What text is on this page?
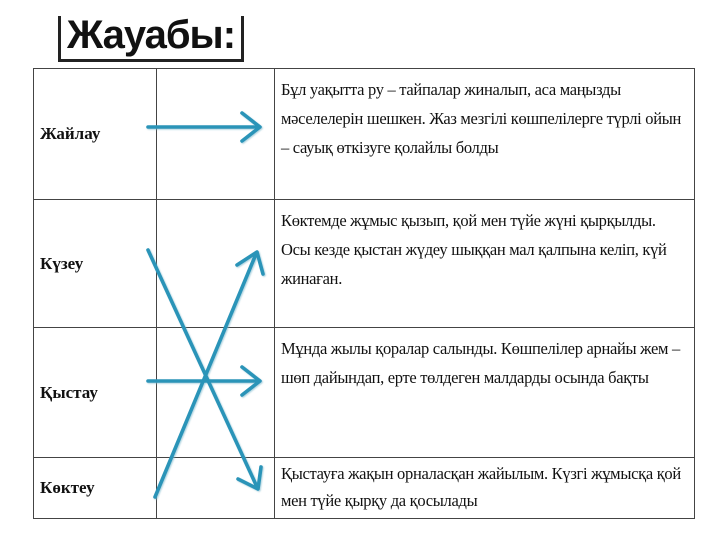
Жауабы:
Жайлау		Бұл уақытта ру – тайпалар жиналып, аса маңызды мәселелерін шешкен. Жаз мезгілі көшпелілерге түрлі ойын – сауық өткізуге қолайлы болды
Күзеу		Көктемде жұмыс қызып, қой мен түйе жүні қырқылды. Осы кезде қыстан жүдеу шыққан мал қалпына келіп, күй жинаған.
Қыстау		Мұнда жылы қоралар салынды. Көшпелілер арнайы жем – шөп дайындап, ерте төлдеген малдарды осында бақты
Көктеу		Қыстауға жақын орналасқан жайылым. Күзгі жұмысқа қой мен түйе қырқу да қосылады
